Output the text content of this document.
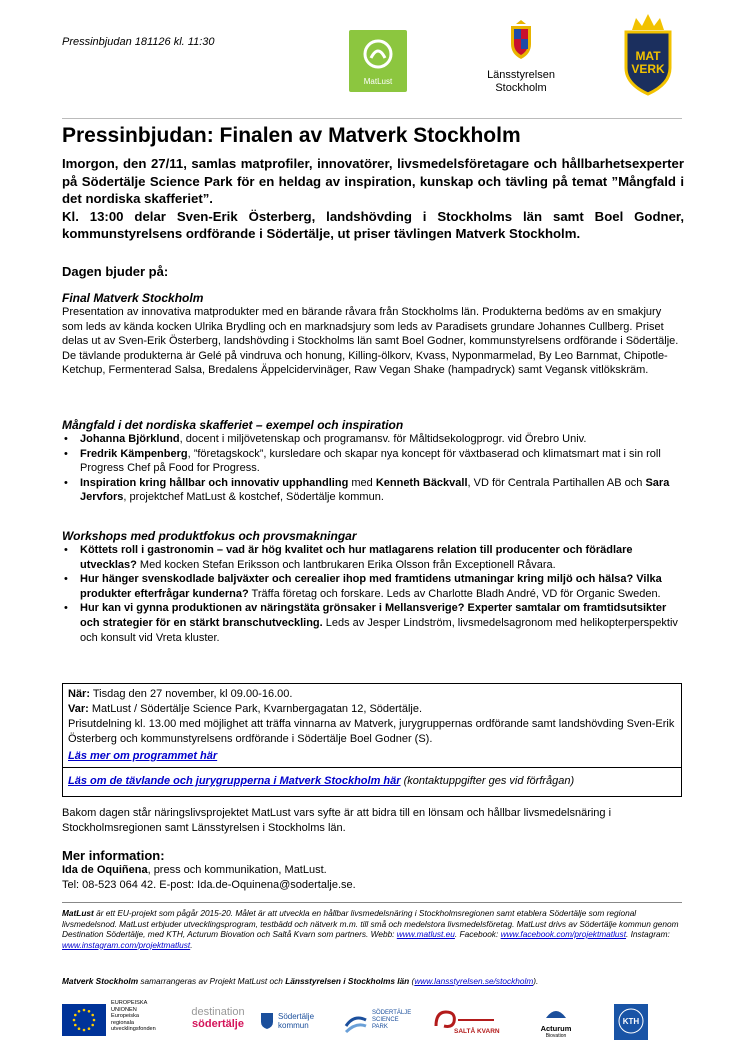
Pressinbjudan 181126 kl. 11:30
MatLust
Länsstyrelsen
Stockholm
MAT
VERK
Pressinbjudan: Finalen av Matverk Stockholm
Imorgon, den 27/11, samlas matprofiler, innovatörer, livsmedelsföretagare och hållbarhetsexperter på Södertälje Science Park för en heldag av inspiration, kunskap och tävling på temat ”Mångfald i det nordiska skafferiet”.
Kl. 13:00 delar Sven-Erik Österberg, landshövding i Stockholms län samt Boel Godner, kommunstyrelsens ordförande i Södertälje, ut priser tävlingen Matverk Stockholm.
Dagen bjuder på:
Final Matverk Stockholm
Presentation av innovativa matprodukter med en bärande råvara från Stockholms län. Produkterna bedöms av en smakjury som leds av kända kocken Ulrika Brydling och en marknadsjury som leds av Paradisets grundare Johannes Cullberg. Priset delas ut av Sven-Erik Österberg, landshövding i Stockholms län samt Boel Godner, kommunstyrelsens ordförande i Södertälje. De tävlande produkterna är Gelé på vindruva och honung, Killing-ölkorv, Kvass, Nyponmarmelad, By Leo Barnmat, Chipotle-Ketchup, Fermenterad Salsa, Bredalens Äppelcidervinäger, Raw Vegan Shake (hampadryck) samt Vegansk vitlökskräm.
Mångfald i det nordiska skafferiet – exempel och inspiration
• Johanna Björklund, docent i miljövetenskap och programansv. för Måltidsekologprogr. vid Örebro Univ.
• Fredrik Kämpenberg, ”företagskock”, kursledare och skapar nya koncept för växtbaserad och klimatsmart mat i sin roll Progress Chef på Food for Progress.
• Inspiration kring hållbar och innovativ upphandling med Kenneth Bäckvall, VD för Centrala Partihallen AB och Sara Jervfors, projektchef MatLust & kostchef, Södertälje kommun.
Workshops med produktfokus och provsmakningar
• Köttets roll i gastronomin – vad är hög kvalitet och hur matlagarens relation till producenter och förädlare utvecklas? Med kocken Stefan Eriksson och lantbrukaren Erika Olsson från Exceptionell Råvara.
• Hur hänger svenskodlade baljväxter och cerealier ihop med framtidens utmaningar kring miljö och hälsa? Vilka produkter efterfrågar kunderna? Träffa företag och forskare. Leds av Charlotte Bladh André, VD för Organic Sweden.
• Hur kan vi gynna produktionen av näringstäta grönsaker i Mellansverige? Experter samtalar om framtidsutsikter och strategier för en stärkt branschutveckling. Leds av Jesper Lindström, livsmedelsagronom med helikopterperspektiv och konsult vid Vreta kluster.
När: Tisdag den 27 november, kl 09.00-16.00.
Var: MatLust / Södertälje Science Park, Kvarnbergagatan 12, Södertälje.
Prisutdelning kl. 13.00 med möjlighet att träffa vinnarna av Matverk, jurygruppernas ordförande samt landshövding Sven-Erik Österberg och kommunstyrelsens ordförande i Södertälje Boel Godner (S).
Läs mer om programmet här
Läs om de tävlande och jurygrupperna i Matverk Stockholm här (kontaktuppgifter ges vid förfrågan)
Bakom dagen står näringslivsprojektet MatLust vars syfte är att bidra till en lönsam och hållbar livsmedelsnäring i Stockholmsregionen samt Länsstyrelsen i Stockholms län.
Mer information:
Ida de Oquiñena, press och kommunikation, MatLust.
Tel: 08-523 064 42. E-post: Ida.de-Oquinena@sodertalje.se.
MatLust är ett EU-projekt som pågår 2015-20. Målet är att utveckla en hållbar livsmedelsnäring i Stockholmsregionen samt etablera Södertälje som regional livsmedelsnod. MatLust erbjuder utvecklingsprogram, testbädd och nätverk m.m. till små och medelstora livsmedelsföretag. MatLust drivs av Södertälje kommun genom Destination Södertälje, med KTH, Acturum Biovation och Saltå Kvarn som partners. Webb: www.matlust.eu. Facebook: www.facebook.com/projektmatlust. Instagram: www.instagram.com/projektmatlust.
Matverk Stockholm samarrangeras av Projekt MatLust och Länsstyrelsen i Stockholms län (www.lansstyrelsen.se/stockholm).
EUROPEISKA
UNIONEN
Europeiska
regionala
utvecklingsfonden
destination
södertälje
Södertälje
kommun
SÖDERTÄLJE
SCIENCE
PARK
SALTÅ KVARN	Acturum
Biovation
KTH
